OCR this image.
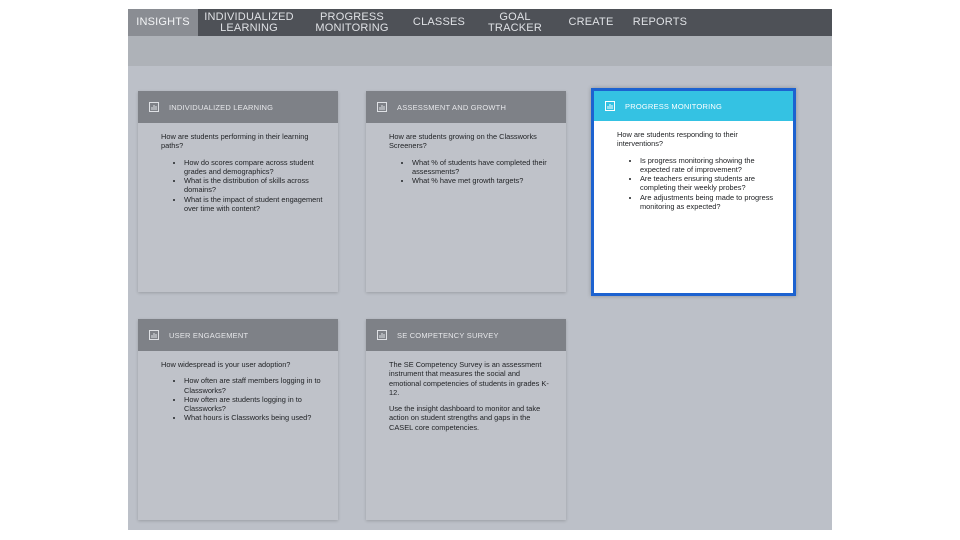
INSIGHTS	INDIVIDUALIZED
LEARNING
PROGRESS
MONITORING	CLASSES	GOAL TRACKER	CREATE	REPORTS
INDIVIDUALIZED LEARNING

How are students performing in their learning paths?

• How do scores compare across student grades and demographics?
• What is the distribution of skills across domains?
• What is the impact of student engagement over time with content?
ASSESSMENT AND GROWTH

How are students growing on the Classworks Screeners?

• What % of students have completed their assessments?
• What % have met growth targets?
PROGRESS MONITORING

How are students responding to their interventions?

• Is progress monitoring showing the expected rate of improvement?
• Are teachers ensuring students are completing their weekly probes?
• Are adjustments being made to progress monitoring as expected?
USER ENGAGEMENT

How widespread is your user adoption?

• How often are staff members logging in to Classworks?
• How often are students logging in to Classworks?
• What hours is Classworks being used?
SE COMPETENCY SURVEY

The SE Competency Survey is an assessment instrument that measures the social and emotional competencies of students in grades K-12.

Use the insight dashboard to monitor and take action on student strengths and gaps in the CASEL core competencies.
